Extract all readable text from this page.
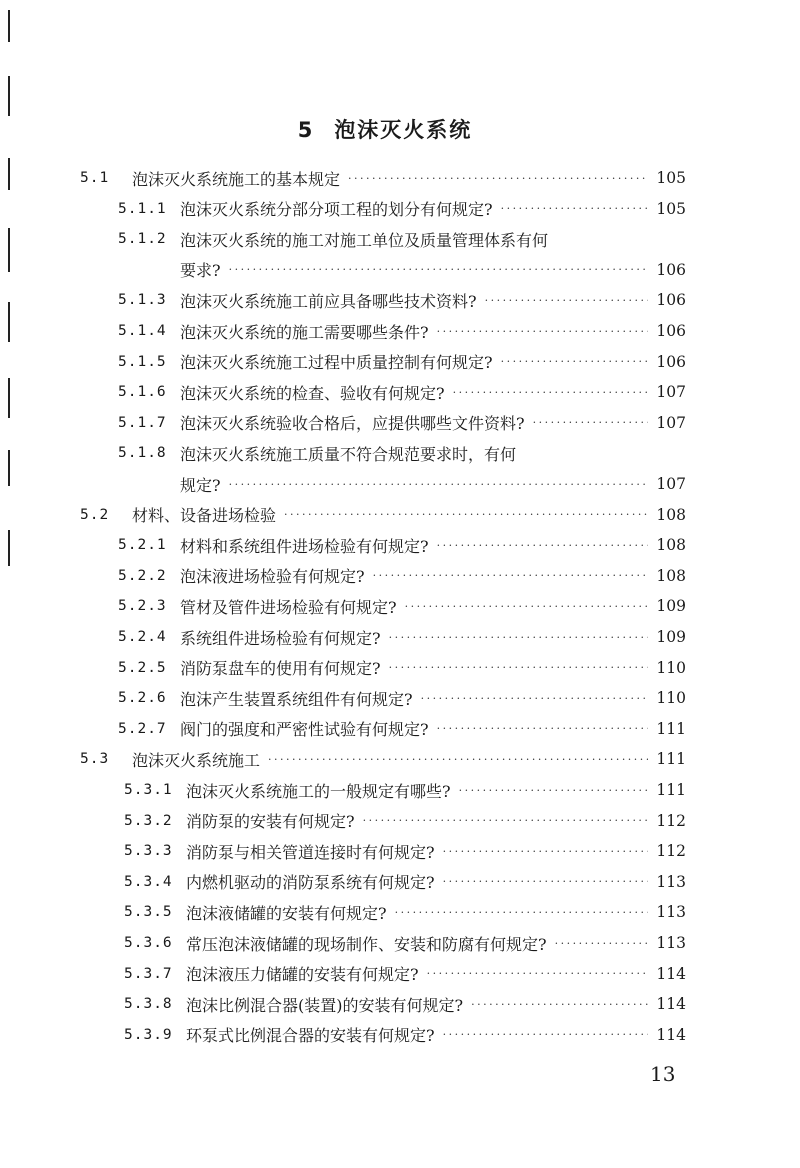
5 泡沫灭火系统
5.1	泡沫灭火系统施工的基本规定 ·····	105
5.1.1 泡沫灭火系统分部分项工程的划分有何规定? ·····	105
5.1.2 泡沫灭火系统的施工对施工单位及质量管理体系有何
要求? ·····	106
5.1.3 泡沫灭火系统施工前应具备哪些技术资料? ·····	106
5.1.4 泡沫灭火系统的施工需要哪些条件? ·····	106
5.1.5 泡沫灭火系统施工过程中质量控制有何规定? ·····	106
5.1.6 泡沫灭火系统的检查、验收有何规定? ·····	107
5.1.7 泡沫灭火系统验收合格后，应提供哪些文件资料? ·····	107
5.1.8 泡沫灭火系统施工质量不符合规范要求时，有何
规定? ·····	107
5.2	材料、设备进场检验 ·····	108
5.2.1 材料和系统组件进场检验有何规定? ·····	108
5.2.2 泡沫液进场检验有何规定? ·····	108
5.2.3 管材及管件进场检验有何规定? ·····	109
5.2.4 系统组件进场检验有何规定? ·····	109
5.2.5 消防泵盘车的使用有何规定? ·····	110
5.2.6 泡沫产生装置系统组件有何规定? ·····	110
5.2.7 阀门的强度和严密性试验有何规定? ·····	111
5.3	泡沫灭火系统施工 ·····	111
5.3.1 泡沫灭火系统施工的一般规定有哪些? ·····	111
5.3.2 消防泵的安装有何规定? ·····	112
5.3.3 消防泵与相关管道连接时有何规定? ·····	112
5.3.4 内燃机驱动的消防泵系统有何规定? ·····	113
5.3.5 泡沫液储罐的安装有何规定? ·····	113
5.3.6 常压泡沫液储罐的现场制作、安装和防腐有何规定? ·····	113
5.3.7 泡沫液压力储罐的安装有何规定? ·····	114
5.3.8 泡沫比例混合器(装置)的安装有何规定? ·····	114
5.3.9 环泵式比例混合器的安装有何规定? ·····	114
13
